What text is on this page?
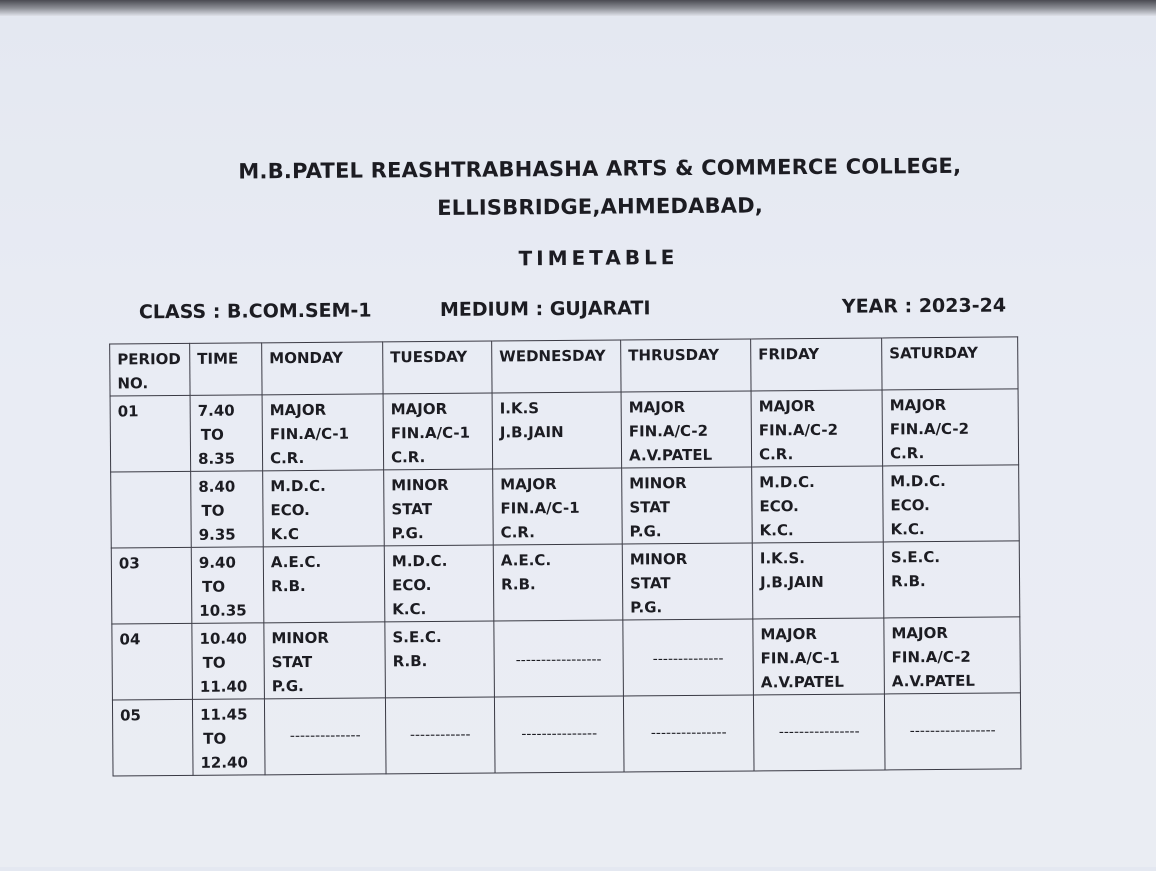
M.B.PATEL REASHTRABHASHA ARTS & COMMERCE COLLEGE,
ELLISBRIDGE,AHMEDABAD,
TIMETABLE
CLASS : B.COM.SEM-1	MEDIUM : GUJARATI	YEAR : 2023-24
PERIOD NO.	TIME	MONDAY	TUESDAY	WEDNESDAY	THRUSDAY	FRIDAY	SATURDAY
01	7.40
TO
8.35	MAJOR
FIN.A/C-1
C.R.	MAJOR
FIN.A/C-1
C.R.	I.K.S
J.B.JAIN	MAJOR
FIN.A/C-2
A.V.PATEL	MAJOR
FIN.A/C-2
C.R.	MAJOR
FIN.A/C-2
C.R.

	8.40
TO
9.35	M.D.C.
ECO.
K.C	MINOR
STAT
P.G.	MAJOR
FIN.A/C-1
C.R.	MINOR
STAT
P.G.	M.D.C.
ECO.
K.C.	M.D.C.
ECO.
K.C.

03	9.40
TO
10.35	A.E.C.
R.B.	M.D.C.
ECO.
K.C.	A.E.C.
R.B.	MINOR
STAT
P.G.	I.K.S.
J.B.JAIN	S.E.C.
R.B.

04	10.40
TO
11.40	MINOR
STAT
P.G.	S.E.C.
R.B.	-----------------	--------------	MAJOR
FIN.A/C-1
A.V.PATEL	MAJOR
FIN.A/C-2
A.V.PATEL

05	11.45
TO
12.40	--------------	------------	---------------	---------------	----------------	-----------------
